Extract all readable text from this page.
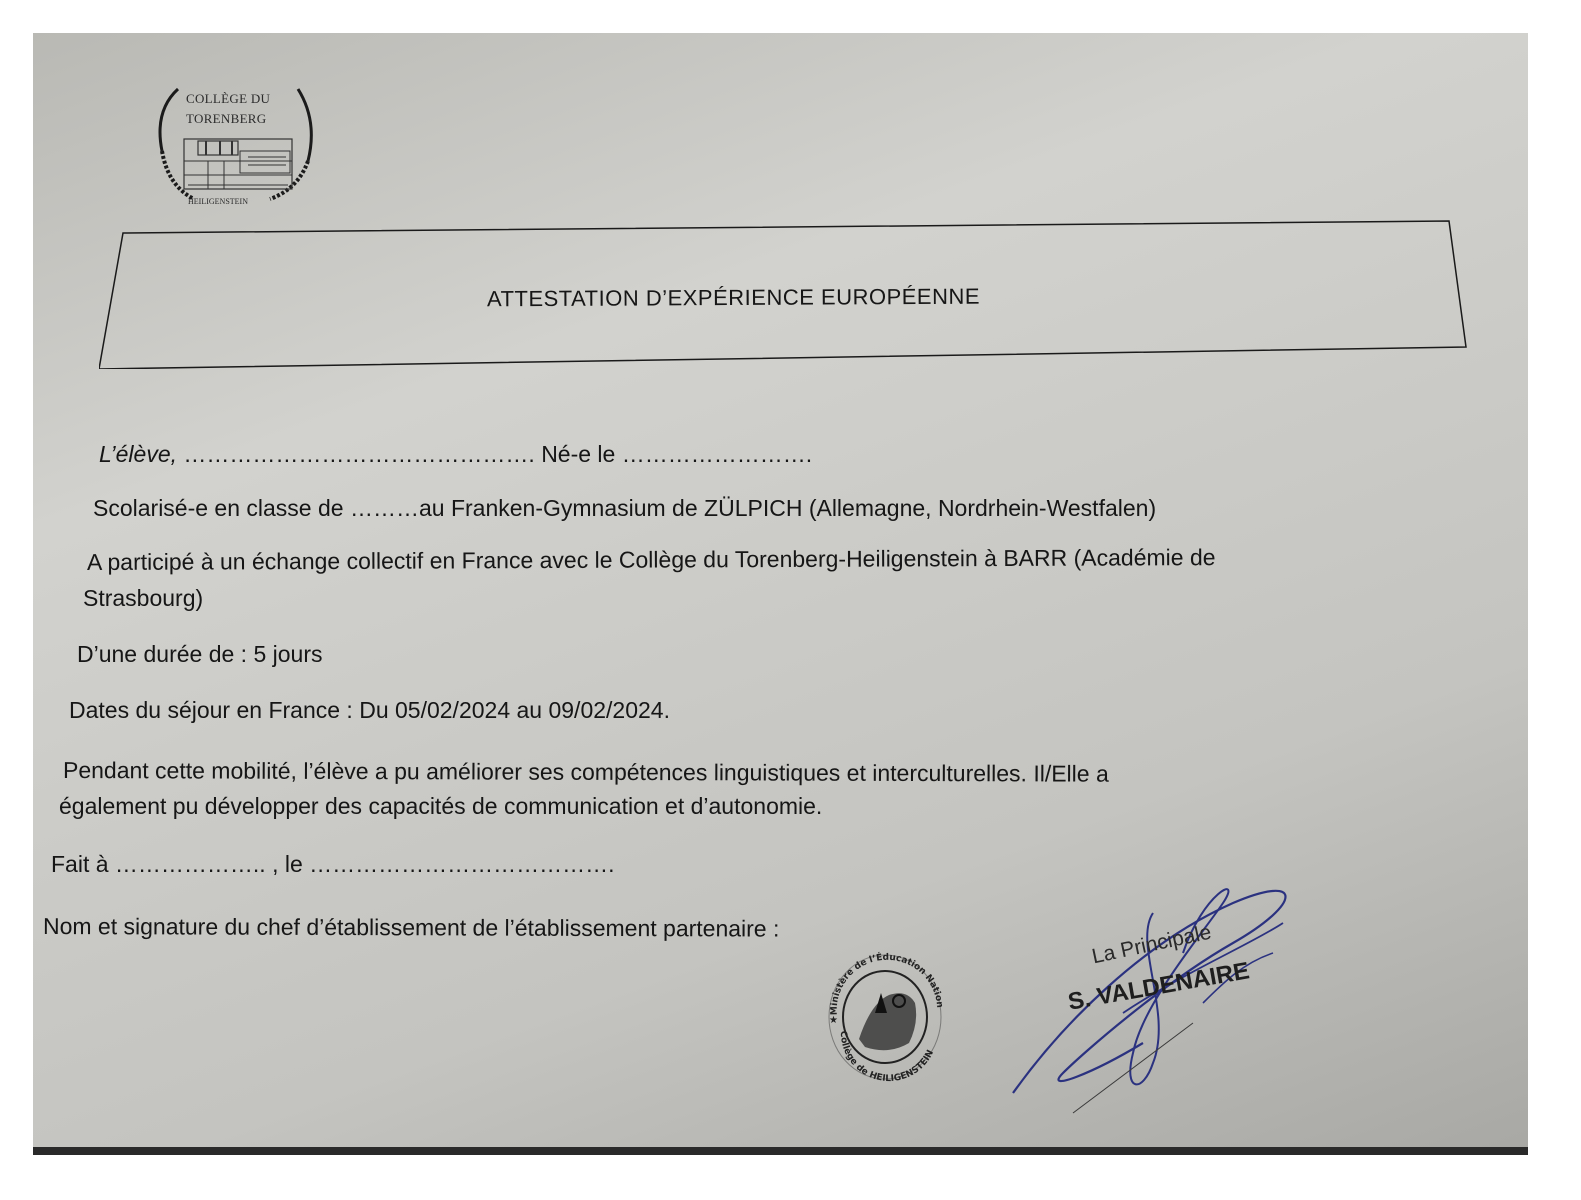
COLLÈGE DU
TORENBERG
HEILIGENSTEIN
ATTESTATION D’EXPÉRIENCE EUROPÉENNE
L’élève, ………………………………………. Né-e le …………………….
Scolarisé-e en classe de ………au Franken-Gymnasium de ZÜLPICH (Allemagne, Nordrhein-Westfalen)
A participé à un échange collectif en France avec le Collège du Torenberg-Heiligenstein à BARR (Académie de
Strasbourg)
D’une durée de : 5 jours
Dates du séjour en France : Du 05/02/2024 au 09/02/2024.
Pendant cette mobilité, l’élève a pu améliorer ses compétences linguistiques et interculturelles. Il/Elle a
également pu développer des capacités de communication et d’autonomie.
Fait à ……………….. , le ………………………………….
Nom et signature du chef d’établissement de l’établissement partenaire :
Ministère de l’Éducation Nation
Collège de HEILIGENSTEIN
★
La Principale
S. VALDENAIRE
